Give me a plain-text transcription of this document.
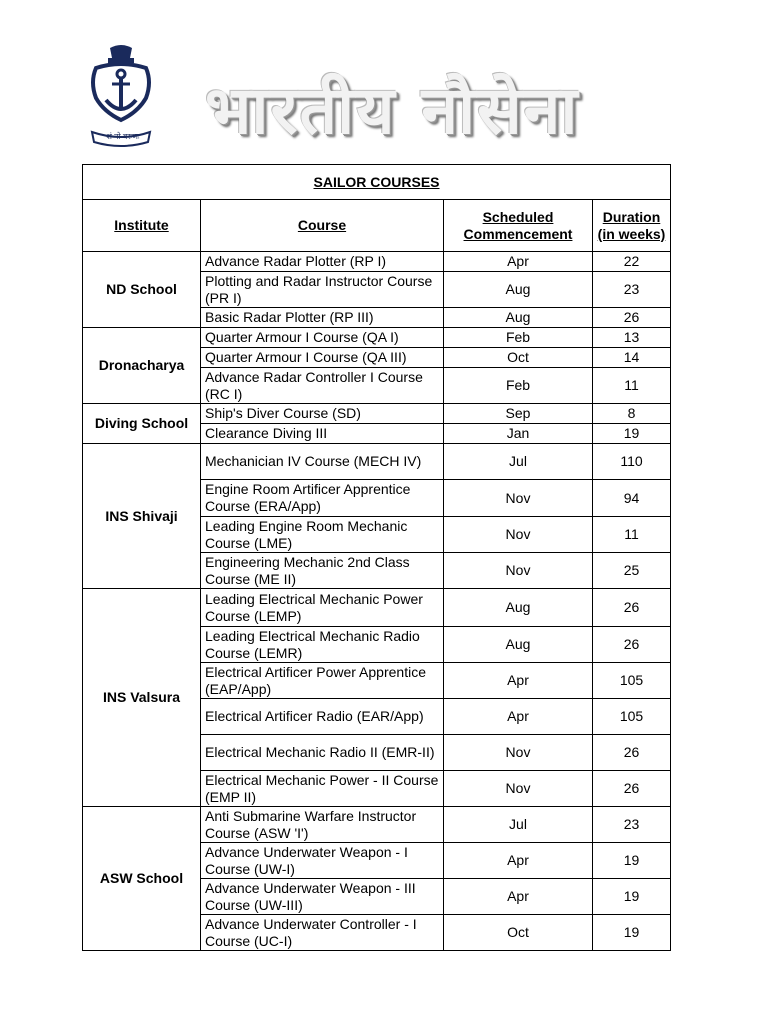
शं नो वरुणः भारतीय नौसेना
SAILOR COURSES			
Institute	Course	Scheduled Commencement	Duration (in weeks)
ND School	Advance Radar Plotter (RP I)	Apr	22
	Plotting and Radar Instructor Course (PR I)	Aug	23
	Basic Radar Plotter (RP III)	Aug	26
Dronacharya	Quarter Armour I Course (QA I)	Feb	13
	Quarter Armour I Course (QA III)	Oct	14
	Advance Radar Controller I Course (RC I)	Feb	11
Diving School	Ship's Diver Course (SD)	Sep	8
	Clearance Diving III	Jan	19
INS Shivaji	Mechanician IV Course (MECH IV)	Jul	110
	Engine Room Artificer Apprentice Course (ERA/App)	Nov	94
	Leading Engine Room Mechanic Course (LME)	Nov	11
	Engineering Mechanic 2nd Class Course (ME II)	Nov	25
INS Valsura	Leading Electrical Mechanic Power Course (LEMP)	Aug	26
	Leading Electrical Mechanic Radio Course (LEMR)	Aug	26
	Electrical Artificer Power Apprentice (EAP/App)	Apr	105
	Electrical Artificer Radio (EAR/App)	Apr	105
	Electrical Mechanic Radio II (EMR-II)	Nov	26
	Electrical Mechanic Power - II Course (EMP II)	Nov	26
ASW School	Anti Submarine Warfare Instructor Course (ASW 'I')	Jul	23
	Advance Underwater Weapon - I Course (UW-I)	Apr	19
	Advance Underwater Weapon - III Course (UW-III)	Apr	19
	Advance Underwater Controller - I Course (UC-I)	Oct	19
